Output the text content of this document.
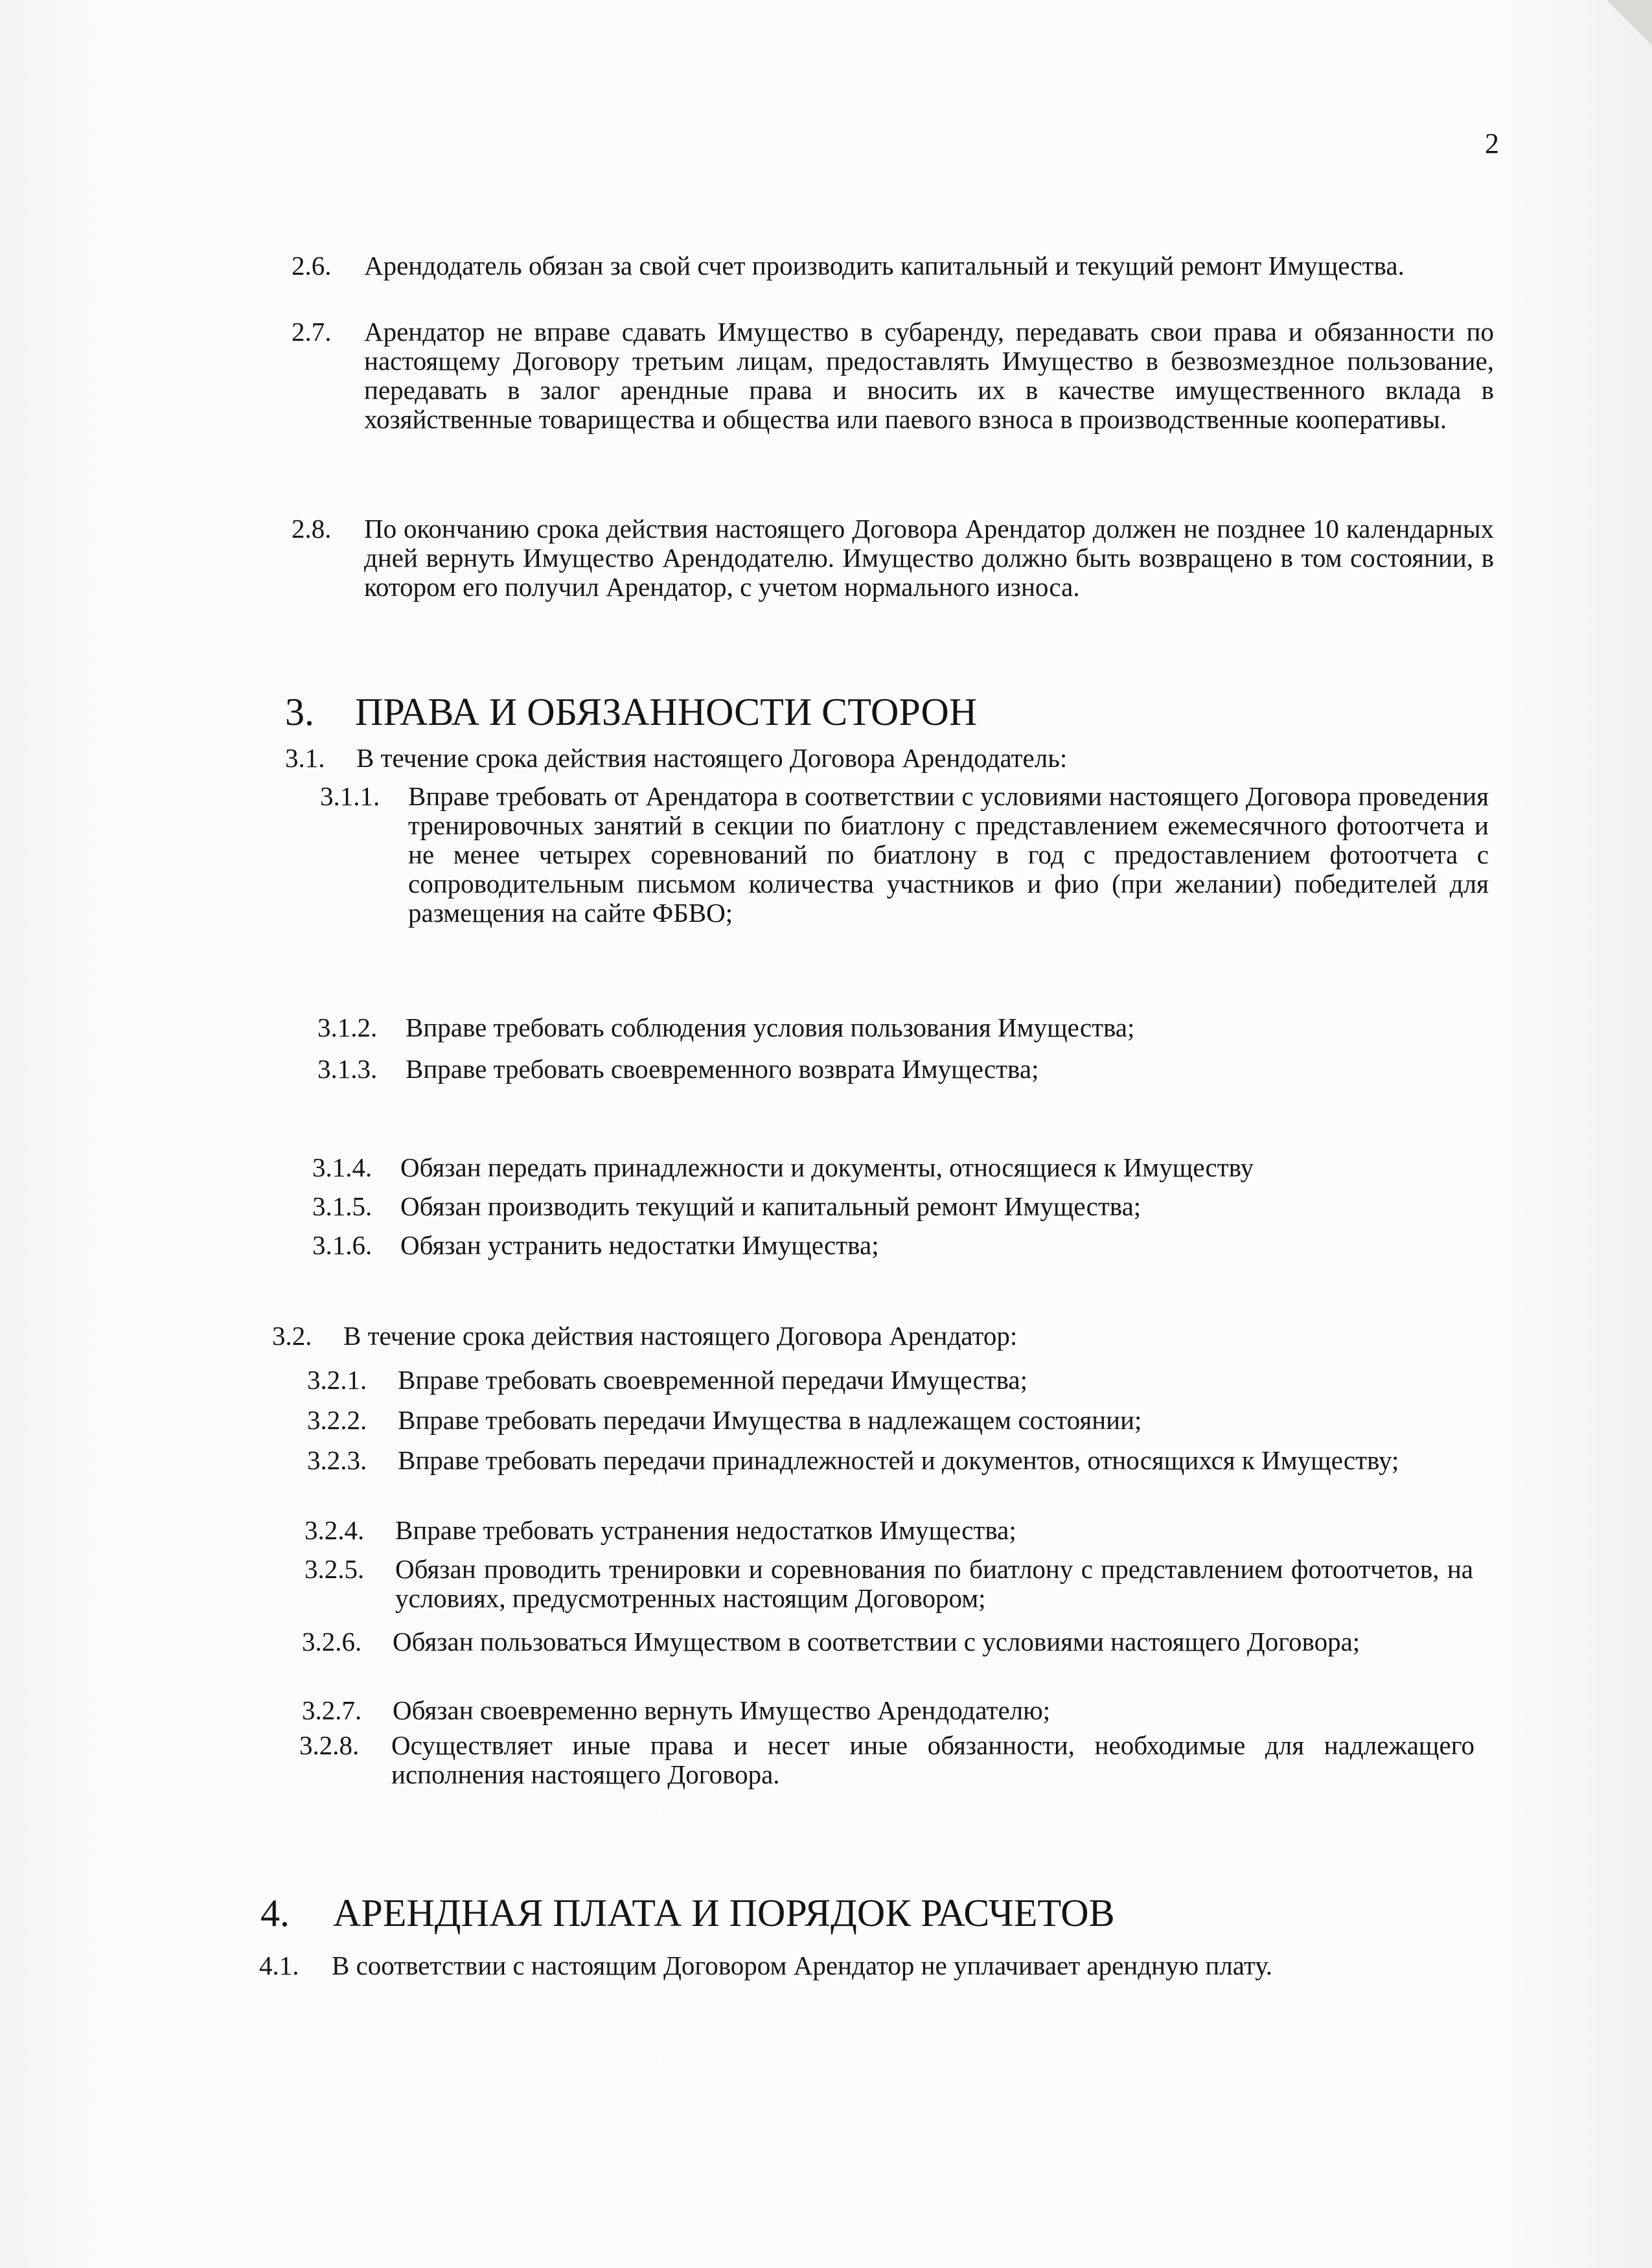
2
2.6. Арендодатель обязан за свой счет производить капитальный и текущий ремонт Имущества.
2.7. Арендатор не вправе сдавать Имущество в субаренду, передавать свои права и обязанности по настоящему Договору третьим лицам, предоставлять Имущество в безвозмездное пользование, передавать в залог арендные права и вносить их в качестве имущественного вклада в хозяйственные товарищества и общества или паевого взноса в производственные кооперативы.
2.8. По окончанию срока действия настоящего Договора Арендатор должен не позднее 10 календарных дней вернуть Имущество Арендодателю. Имущество должно быть возвращено в том состоянии, в котором его получил Арендатор, с учетом нормального износа.
3. ПРАВА И ОБЯЗАННОСТИ СТОРОН
3.1. В течение срока действия настоящего Договора Арендодатель:
3.1.1. Вправе требовать от Арендатора в соответствии с условиями настоящего Договора проведения тренировочных занятий в секции по биатлону с представлением ежемесячного фотоотчета и не менее четырех соревнований по биатлону в год с предоставлением фотоотчета с сопроводительным письмом количества участников и фио (при желании) победителей для размещения на сайте ФБВО;
3.1.2. Вправе требовать соблюдения условия пользования Имущества;
3.1.3. Вправе требовать своевременного возврата Имущества;
3.1.4. Обязан передать принадлежности и документы, относящиеся к Имуществу
3.1.5. Обязан производить текущий и капитальный ремонт Имущества;
3.1.6. Обязан устранить недостатки Имущества;
3.2. В течение срока действия настоящего Договора Арендатор:
3.2.1. Вправе требовать своевременной передачи Имущества;
3.2.2. Вправе требовать передачи Имущества в надлежащем состоянии;
3.2.3. Вправе требовать передачи принадлежностей и документов, относящихся к Имуществу;
3.2.4. Вправе требовать устранения недостатков Имущества;
3.2.5. Обязан проводить тренировки и соревнования по биатлону с представлением фотоотчетов, на условиях, предусмотренных настоящим Договором;
3.2.6. Обязан пользоваться Имуществом в соответствии с условиями настоящего Договора;
3.2.7. Обязан своевременно вернуть Имущество Арендодателю;
3.2.8. Осуществляет иные права и несет иные обязанности, необходимые для надлежащего исполнения настоящего Договора.
4. АРЕНДНАЯ ПЛАТА И ПОРЯДОК РАСЧЕТОВ
4.1. В соответствии с настоящим Договором Арендатор не уплачивает арендную плату.
